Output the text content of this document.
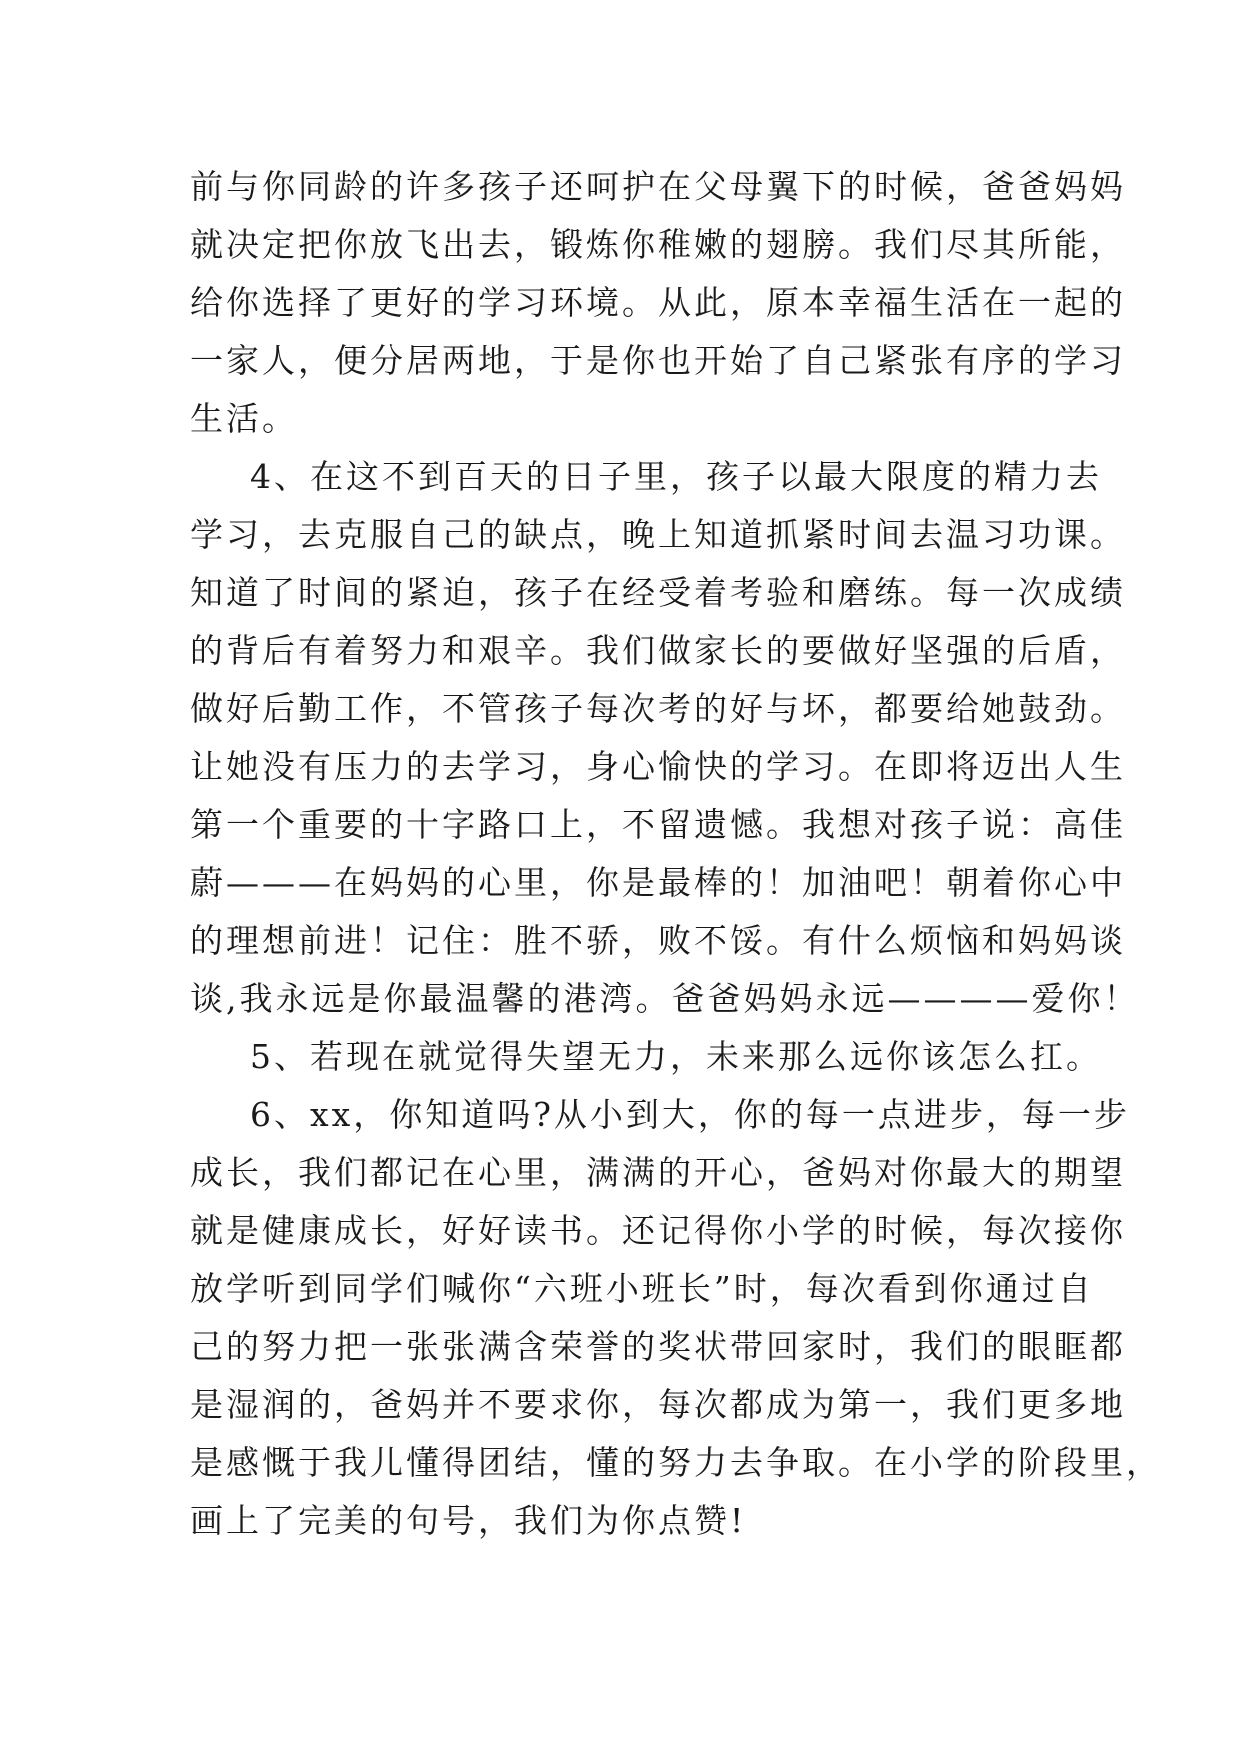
前与你同龄的许多孩子还呵护在父母翼下的时候，爸爸妈妈
就决定把你放飞出去，锻炼你稚嫩的翅膀。我们尽其所能，
给你选择了更好的学习环境。从此，原本幸福生活在一起的
一家人，便分居两地，于是你也开始了自己紧张有序的学习
生活。
4、在这不到百天的日子里，孩子以最大限度的精力去
学习，去克服自己的缺点，晚上知道抓紧时间去温习功课。
知道了时间的紧迫，孩子在经受着考验和磨练。每一次成绩
的背后有着努力和艰辛。我们做家长的要做好坚强的后盾，
做好后勤工作，不管孩子每次考的好与坏，都要给她鼓劲。
让她没有压力的去学习，身心愉快的学习。在即将迈出人生
第一个重要的十字路口上，不留遗憾。我想对孩子说：高佳
蔚———在妈妈的心里，你是最棒的！加油吧！朝着你心中
的理想前进！记住：胜不骄，败不馁。有什么烦恼和妈妈谈
谈,我永远是你最温馨的港湾。爸爸妈妈永远————爱你！
5、若现在就觉得失望无力，未来那么远你该怎么扛。
6、xx，你知道吗?从小到大，你的每一点进步，每一步
成长，我们都记在心里，满满的开心，爸妈对你最大的期望
就是健康成长，好好读书。还记得你小学的时候，每次接你
放学听到同学们喊你“六班小班长”时，每次看到你通过自
己的努力把一张张满含荣誉的奖状带回家时，我们的眼眶都
是湿润的，爸妈并不要求你，每次都成为第一，我们更多地
是感慨于我儿懂得团结，懂的努力去争取。在小学的阶段里，
画上了完美的句号，我们为你点赞!
